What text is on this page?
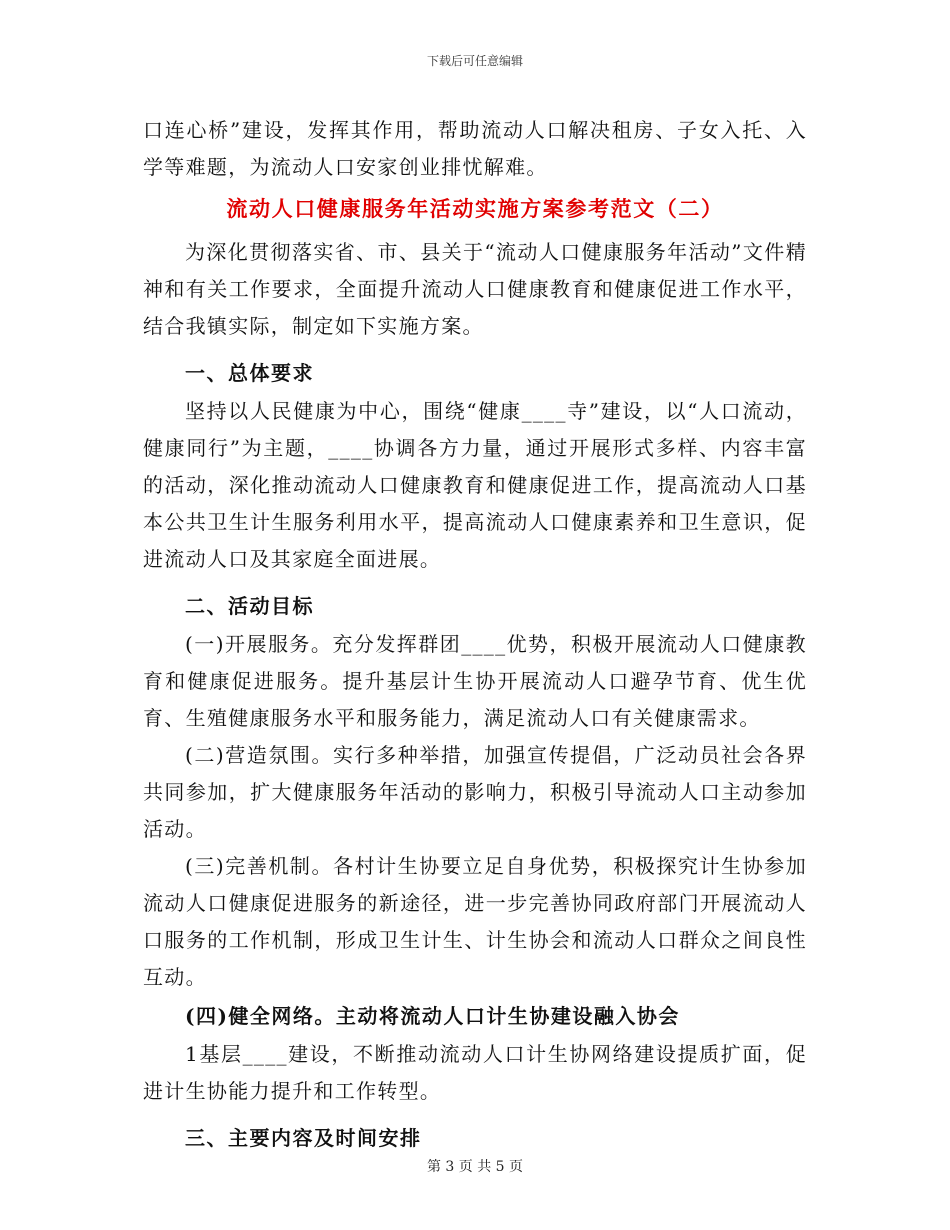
下载后可任意编辑

口连心桥”建设，发挥其作用，帮助流动人口解决租房、子女入托、入学等难题，为流动人口安家创业排忧解难。

流动人口健康服务年活动实施方案参考范文（二）

为深化贯彻落实省、市、县关于“流动人口健康服务年活动”文件精神和有关工作要求，全面提升流动人口健康教育和健康促进工作水平，结合我镇实际，制定如下实施方案。

一、总体要求

坚持以人民健康为中心，围绕“健康____寺”建设，以“人口流动，健康同行”为主题，____协调各方力量，通过开展形式多样、内容丰富的活动，深化推动流动人口健康教育和健康促进工作，提高流动人口基本公共卫生计生服务利用水平，提高流动人口健康素养和卫生意识，促进流动人口及其家庭全面进展。

二、活动目标

(一)开展服务。充分发挥群团____优势，积极开展流动人口健康教育和健康促进服务。提升基层计生协开展流动人口避孕节育、优生优育、生殖健康服务水平和服务能力，满足流动人口有关健康需求。

(二)营造氛围。实行多种举措，加强宣传提倡，广泛动员社会各界共同参加，扩大健康服务年活动的影响力，积极引导流动人口主动参加活动。

(三)完善机制。各村计生协要立足自身优势，积极探究计生协参加流动人口健康促进服务的新途径，进一步完善协同政府部门开展流动人口服务的工作机制，形成卫生计生、计生协会和流动人口群众之间良性互动。

(四)健全网络。主动将流动人口计生协建设融入协会

1基层____建设，不断推动流动人口计生协网络建设提质扩面，促进计生协能力提升和工作转型。

三、主要内容及时间安排
第 3 页 共 5 页
